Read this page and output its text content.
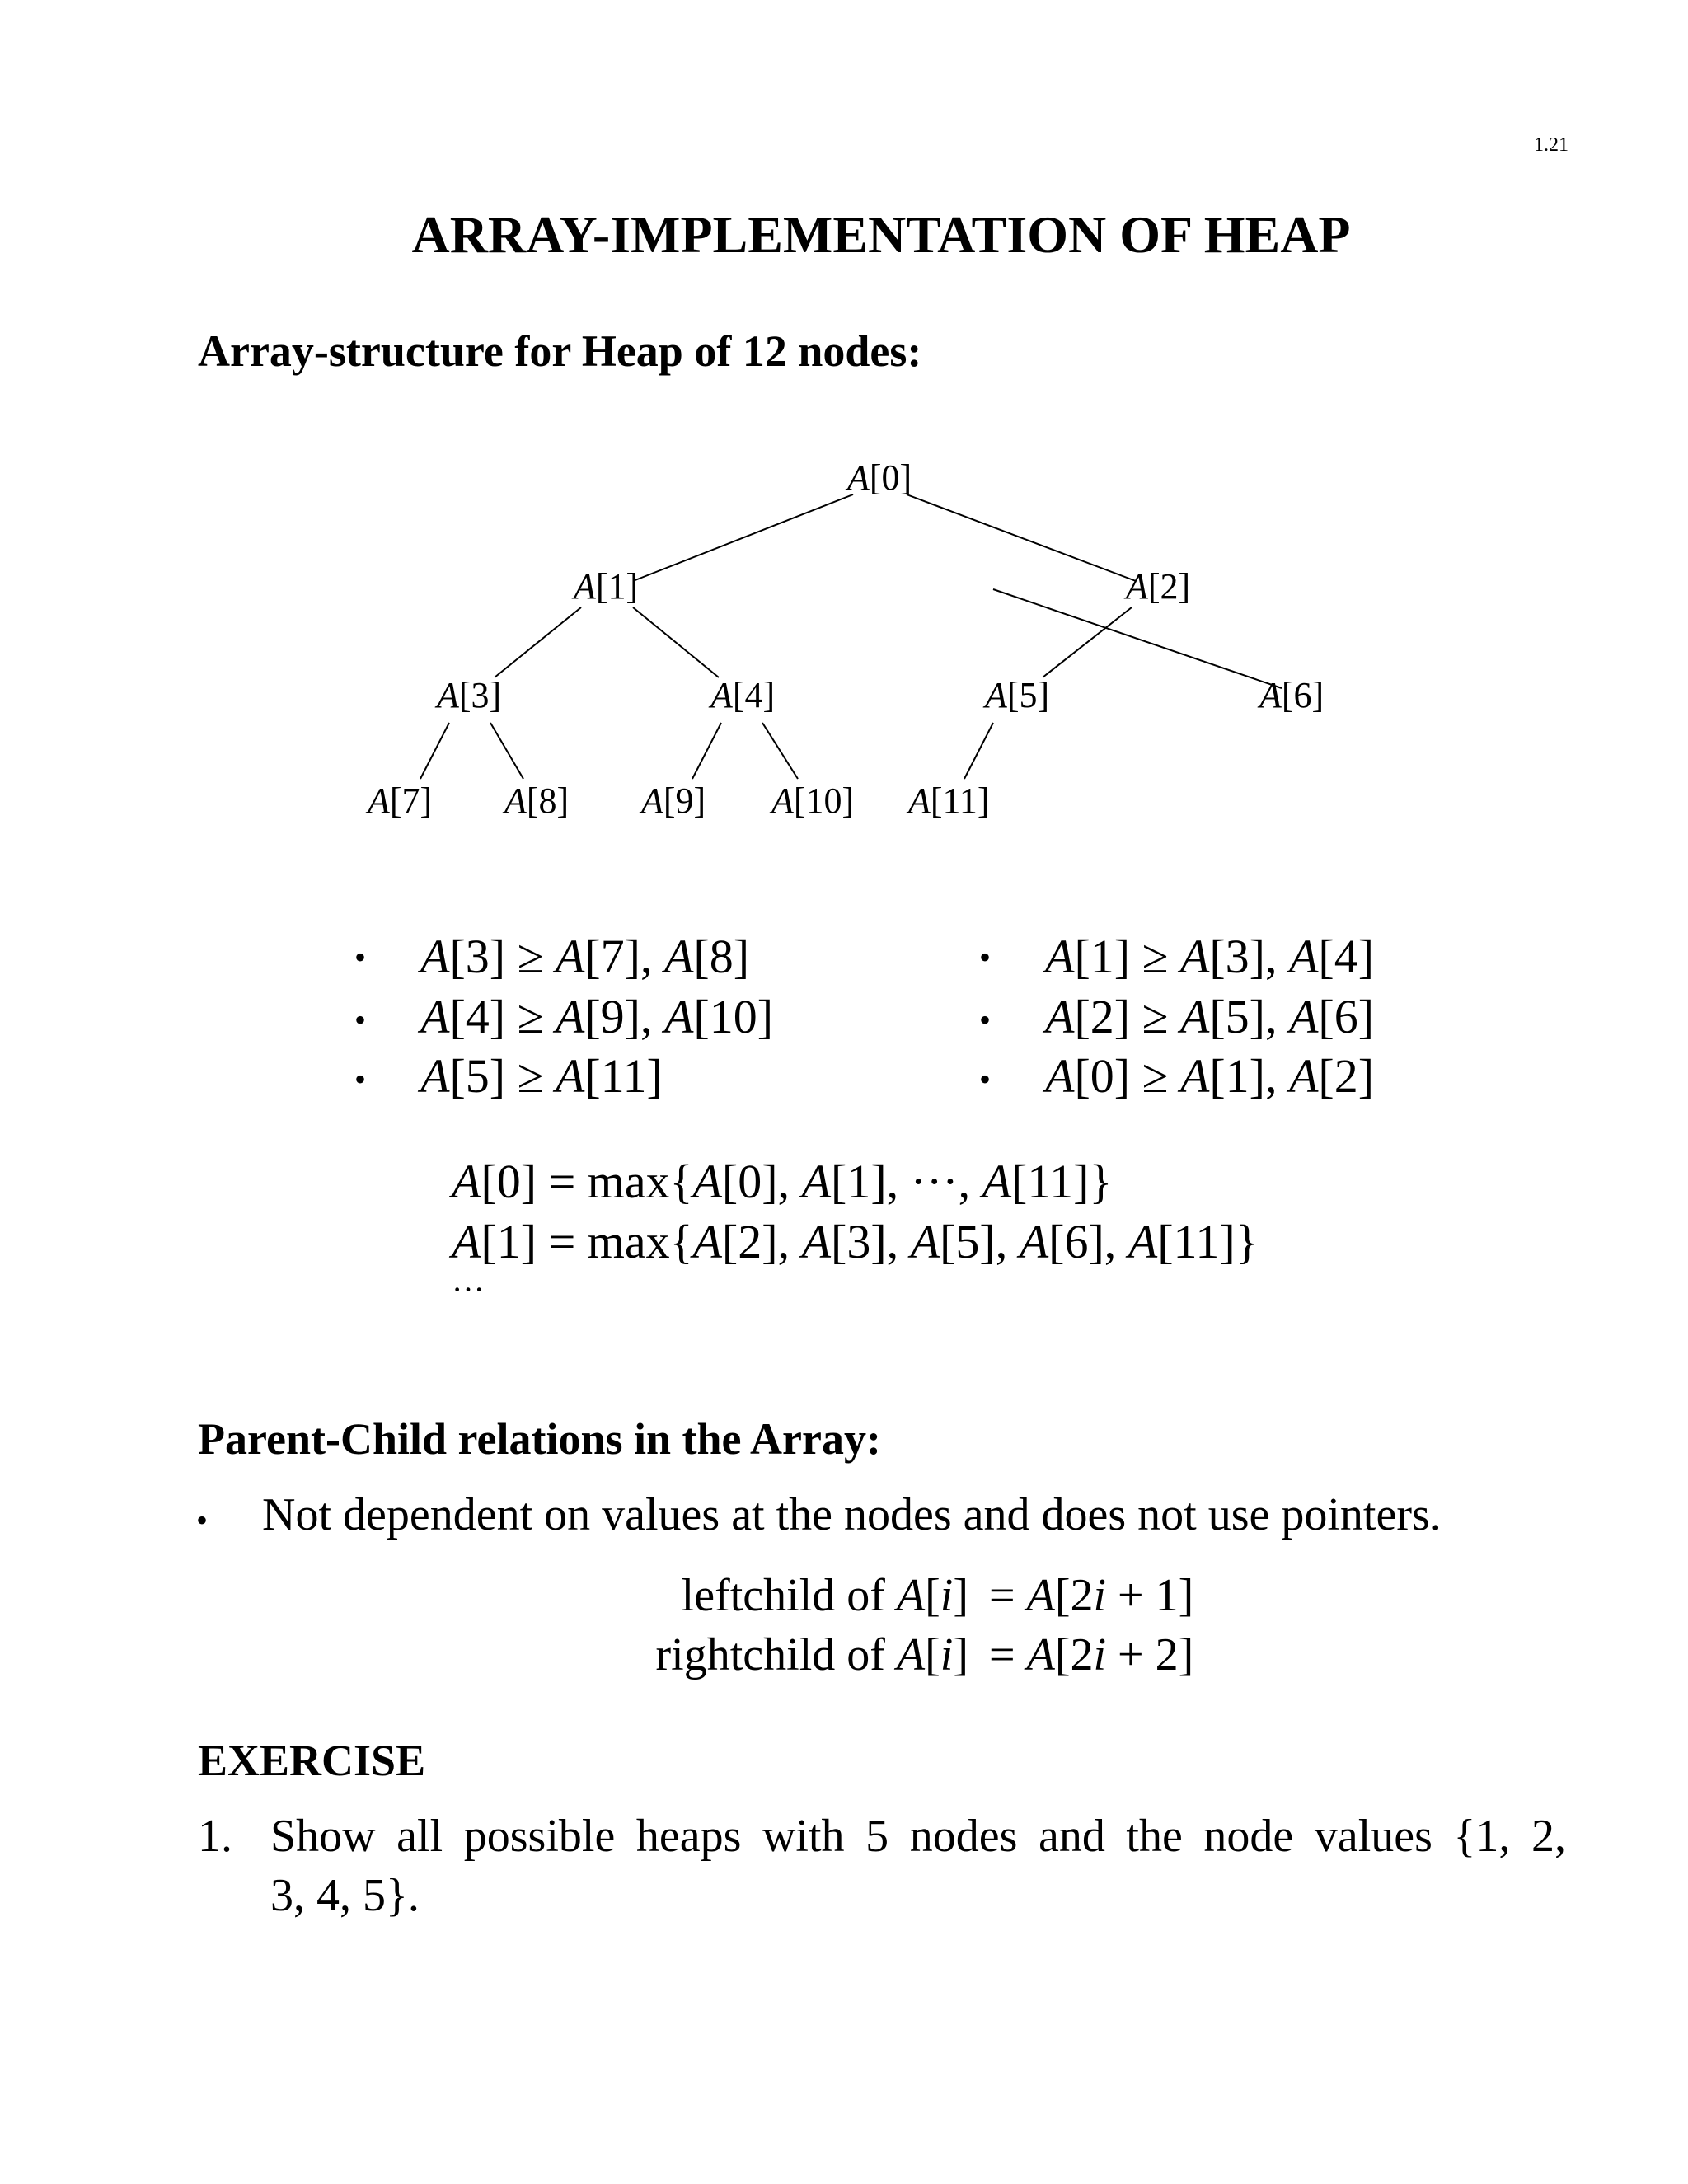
1.21
ARRAY-IMPLEMENTATION OF HEAP
Array-structure for Heap of 12 nodes:
A[0]
A[1]	A[2]
A[3]	A[4]	A[5]	A[6]
A[7] A[8] A[9] A[10] A[11]
• A[3] ≥ A[7], A[8]
• A[4] ≥ A[9], A[10]
• A[5] ≥ A[11]
• A[1] ≥ A[3], A[4]
• A[2] ≥ A[5], A[6]
• A[0] ≥ A[1], A[2]
A[0] = max{A[0], A[1], ···, A[11]}
A[1] = max{A[2], A[3], A[5], A[6], A[11]}
···
Parent-Child relations in the Array:
• Not dependent on values at the nodes and does not use pointers.
leftchild of A[i] = A[2i + 1]
rightchild of A[i] = A[2i + 2]
EXERCISE
1. Show all possible heaps with 5 nodes and the node values {1, 2,
3, 4, 5}.
